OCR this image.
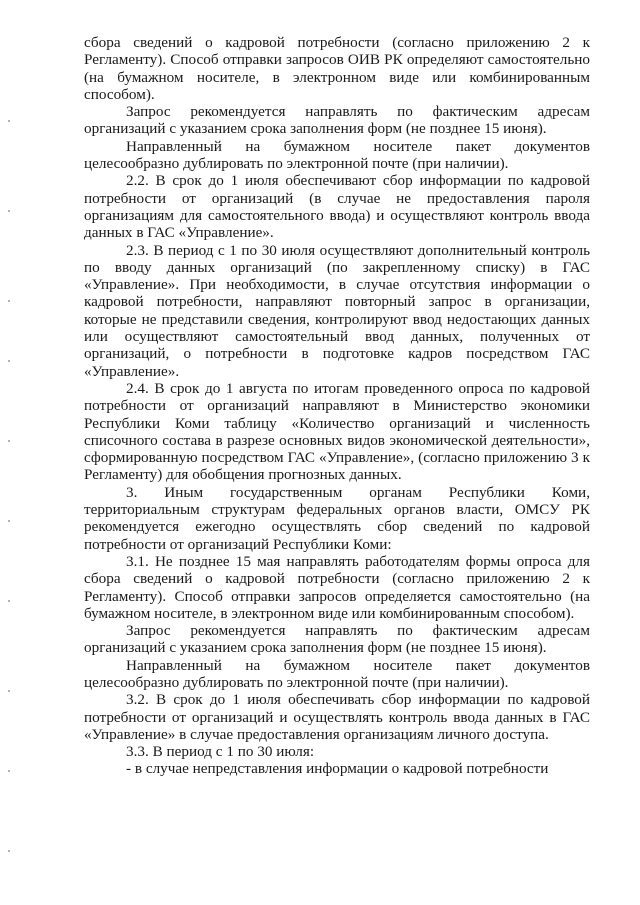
сбора сведений о кадровой потребности (согласно приложению 2 к Регламенту). Способ отправки запросов ОИВ РК определяют самостоятельно (на бумажном носителе, в электронном виде или комбинированным способом).

Запрос рекомендуется направлять по фактическим адресам организаций с указанием срока заполнения форм (не позднее 15 июня).

Направленный на бумажном носителе пакет документов целесообразно дублировать по электронной почте (при наличии).

2.2. В срок до 1 июля обеспечивают сбор информации по кадровой потребности от организаций (в случае не предоставления пароля организациям для самостоятельного ввода) и осуществляют контроль ввода данных в ГАС «Управление».

2.3. В период с 1 по 30 июля осуществляют дополнительный контроль по вводу данных организаций (по закрепленному списку) в ГАС «Управление». При необходимости, в случае отсутствия информации о кадровой потребности, направляют повторный запрос в организации, которые не представили сведения, контролируют ввод недостающих данных или осуществляют самостоятельный ввод данных, полученных от организаций, о потребности в подготовке кадров посредством ГАС «Управление».

2.4. В срок до 1 августа по итогам проведенного опроса по кадровой потребности от организаций направляют в Министерство экономики Республики Коми таблицу «Количество организаций и численность списочного состава в разрезе основных видов экономической деятельности», сформированную посредством ГАС «Управление», (согласно приложению 3 к Регламенту) для обобщения прогнозных данных.

3. Иным государственным органам Республики Коми, территориальным структурам федеральных органов власти, ОМСУ РК рекомендуется ежегодно осуществлять сбор сведений по кадровой потребности от организаций Республики Коми:

3.1. Не позднее 15 мая направлять работодателям формы опроса для сбора сведений о кадровой потребности (согласно приложению 2 к Регламенту). Способ отправки запросов определяется самостоятельно (на бумажном носителе, в электронном виде или комбинированным способом).

Запрос рекомендуется направлять по фактическим адресам организаций с указанием срока заполнения форм (не позднее 15 июня).

Направленный на бумажном носителе пакет документов целесообразно дублировать по электронной почте (при наличии).

3.2. В срок до 1 июля обеспечивать сбор информации по кадровой потребности от организаций и осуществлять контроль ввода данных в ГАС «Управление» в случае предоставления организациям личного доступа.

3.3. В период с 1 по 30 июля:

- в случае непредставления информации о кадровой потребности
